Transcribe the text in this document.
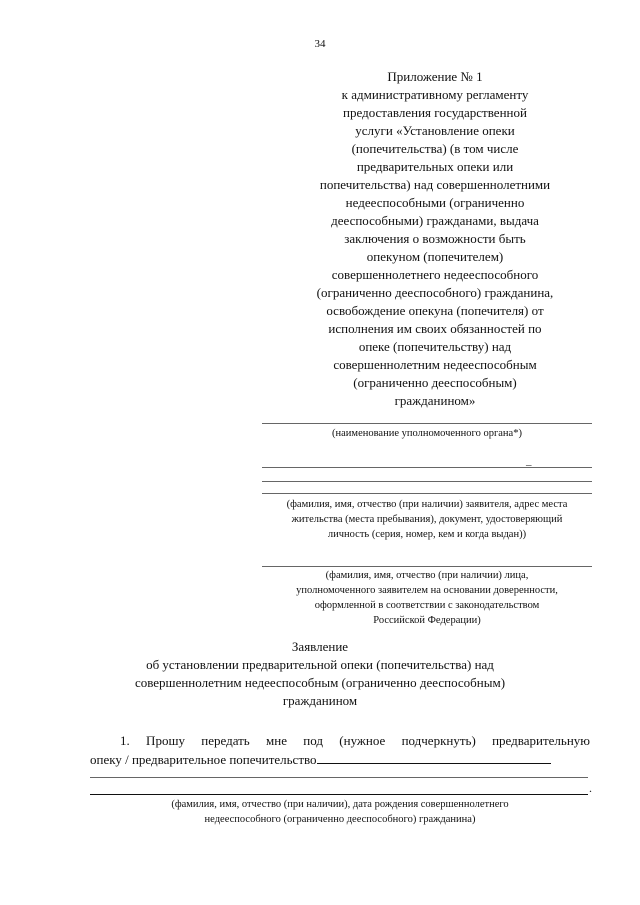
34
Приложение № 1
к административному регламенту
предоставления государственной
услуги «Установление опеки
(попечительства) (в том числе
предварительных опеки или
попечительства) над совершеннолетними
недееспособными (ограниченно
дееспособными) гражданами, выдача
заключения о возможности быть
опекуном (попечителем)
совершеннолетнего недееспособного
(ограниченно дееспособного) гражданина,
освобождение опекуна (попечителя) от
исполнения им своих обязанностей по
опеке (попечительству) над
совершеннолетним недееспособным
(ограниченно дееспособным)
гражданином»
(наименование уполномоченного органа*)
_
(фамилия, имя, отчество (при наличии) заявителя, адрес места
жительства (места пребывания), документ, удостоверяющий
личность (серия, номер, кем и когда выдан))
(фамилия, имя, отчество (при наличии) лица,
уполномоченного заявителем на основании доверенности,
оформленной в соответствии с законодательством
Российской Федерации)
Заявление
об установлении предварительной опеки (попечительства) над
совершеннолетним недееспособным (ограниченно дееспособным)
гражданином
1. Прошу передать мне под (нужное подчеркнуть) предварительную
опеку / предварительное попечительство
.
(фамилия, имя, отчество (при наличии), дата рождения совершеннолетнего
недееспособного (ограниченно дееспособного) гражданина)
